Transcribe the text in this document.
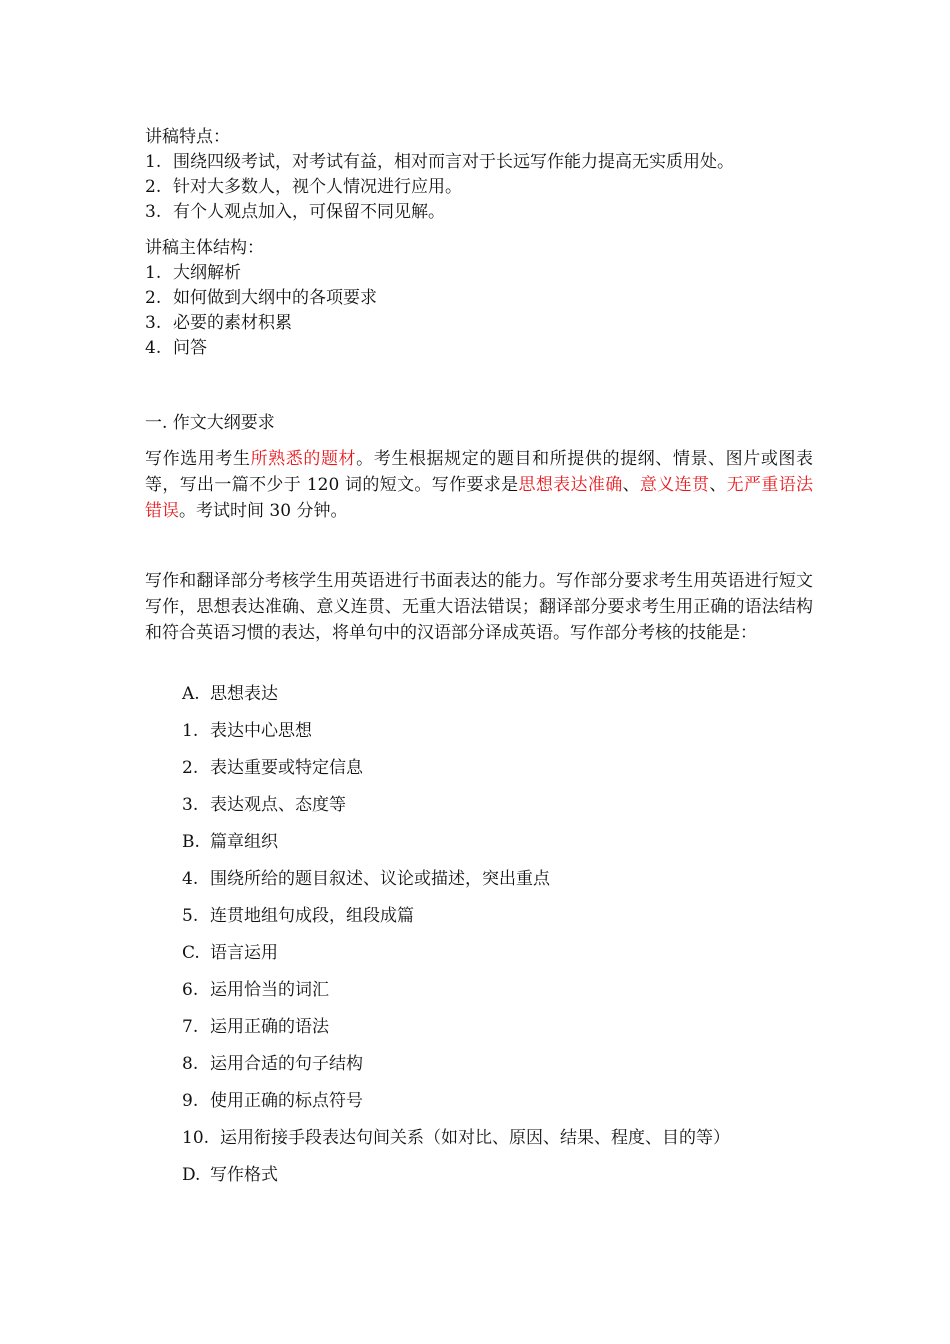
讲稿特点：
1. 围绕四级考试，对考试有益，相对而言对于长远写作能力提高无实质用处。
2. 针对大多数人，视个人情况进行应用。
3. 有个人观点加入，可保留不同见解。
讲稿主体结构：
1. 大纲解析
2. 如何做到大纲中的各项要求
3. 必要的素材积累
4. 问答
一. 作文大纲要求
写作选用考生所熟悉的题材。考生根据规定的题目和所提供的提纲、情景、图片或图表等，写出一篇不少于 120 词的短文。写作要求是思想表达准确、意义连贯、无严重语法错误。考试时间 30 分钟。
写作和翻译部分考核学生用英语进行书面表达的能力。写作部分要求考生用英语进行短文写作，思想表达准确、意义连贯、无重大语法错误；翻译部分要求考生用正确的语法结构和符合英语习惯的表达，将单句中的汉语部分译成英语。写作部分考核的技能是：
A. 思想表达
1. 表达中心思想
2. 表达重要或特定信息
3. 表达观点、态度等
B. 篇章组织
4. 围绕所给的题目叙述、议论或描述，突出重点
5. 连贯地组句成段，组段成篇
C. 语言运用
6. 运用恰当的词汇
7. 运用正确的语法
8. 运用合适的句子结构
9. 使用正确的标点符号
10. 运用衔接手段表达句间关系（如对比、原因、结果、程度、目的等）
D. 写作格式
